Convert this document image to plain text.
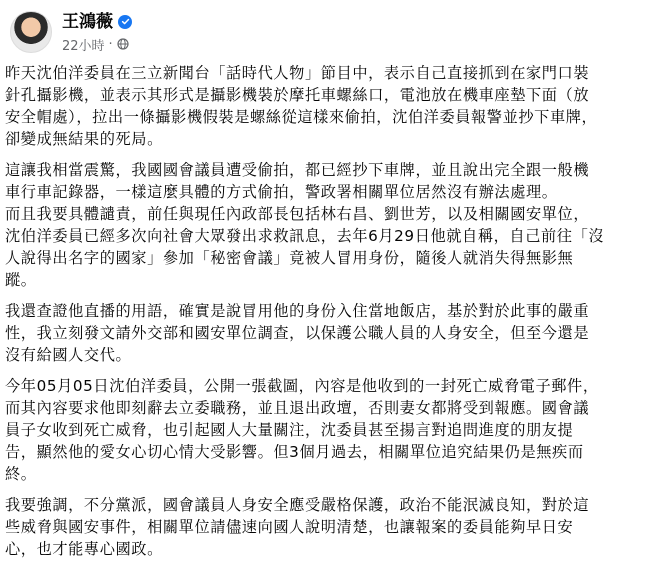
王鴻薇
22小時 ·

昨天沈伯洋委員在三立新聞台「話時代人物」節目中，表示自己直接抓到在家門口裝
針孔攝影機，並表示其形式是攝影機裝於摩托車螺絲口，電池放在機車座墊下面（放
安全帽處），拉出一條攝影機假裝是螺絲從這樣來偷拍，沈伯洋委員報警並抄下車牌，
卻變成無結果的死局。

這讓我相當震驚，我國國會議員遭受偷拍，都已經抄下車牌，並且說出完全跟一般機
車行車記錄器，一樣這麼具體的方式偷拍，警政署相關單位居然沒有辦法處理。
而且我要具體譴責，前任與現任內政部長包括林右昌、劉世芳，以及相關國安單位，
沈伯洋委員已經多次向社會大眾發出求救訊息，去年6月29日他就自稱，自己前往「沒
人說得出名字的國家」參加「秘密會議」竟被人冒用身份，隨後人就消失得無影無
蹤。

我還查證他直播的用語，確實是說冒用他的身份入住當地飯店，基於對於此事的嚴重
性，我立刻發文請外交部和國安單位調查，以保護公職人員的人身安全，但至今還是
沒有給國人交代。

今年05月05日沈伯洋委員，公開一張截圖，內容是他收到的一封死亡威脅電子郵件，
而其內容要求他即刻辭去立委職務，並且退出政壇，否則妻女都將受到報應。國會議
員子女收到死亡威脅，也引起國人大量關注，沈委員甚至揚言對追問進度的朋友提
告，顯然他的愛女心切心情大受影響。但3個月過去，相關單位追究結果仍是無疾而
終。

我要強調，不分黨派，國會議員人身安全應受嚴格保護，政治不能泯滅良知，對於這
些威脅與國安事件，相關單位請儘速向國人說明清楚，也讓報案的委員能夠早日安
心，也才能專心國政。
